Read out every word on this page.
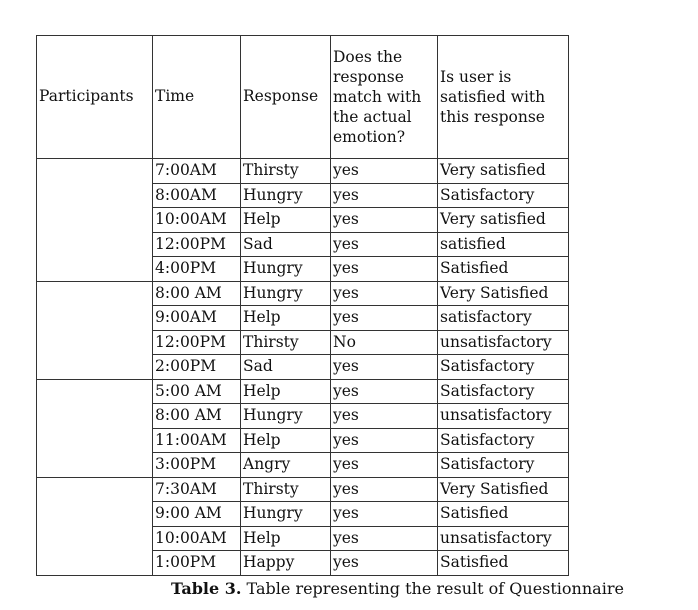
Participants	Time	Response	Does the response match with the actual emotion?	Is user is satisfied with this response
	7:00AM	Thirsty	yes	Very satisfied
	8:00AM	Hungry	yes	Satisfactory
	10:00AM	Help	yes	Very satisfied
	12:00PM	Sad	yes	satisfied
	4:00PM	Hungry	yes	Satisfied
	8:00 AM	Hungry	yes	Very Satisfied
	9:00AM	Help	yes	satisfactory
	12:00PM	Thirsty	No	unsatisfactory
	2:00PM	Sad	yes	Satisfactory
	5:00 AM	Help	yes	Satisfactory
	8:00 AM	Hungry	yes	unsatisfactory
	11:00AM	Help	yes	Satisfactory
	3:00PM	Angry	yes	Satisfactory
	7:30AM	Thirsty	yes	Very Satisfied
	9:00 AM	Hungry	yes	Satisfied
	10:00AM	Help	yes	unsatisfactory
	1:00PM	Happy	yes	Satisfied
Table 3. Table representing the result of Questionnaire
